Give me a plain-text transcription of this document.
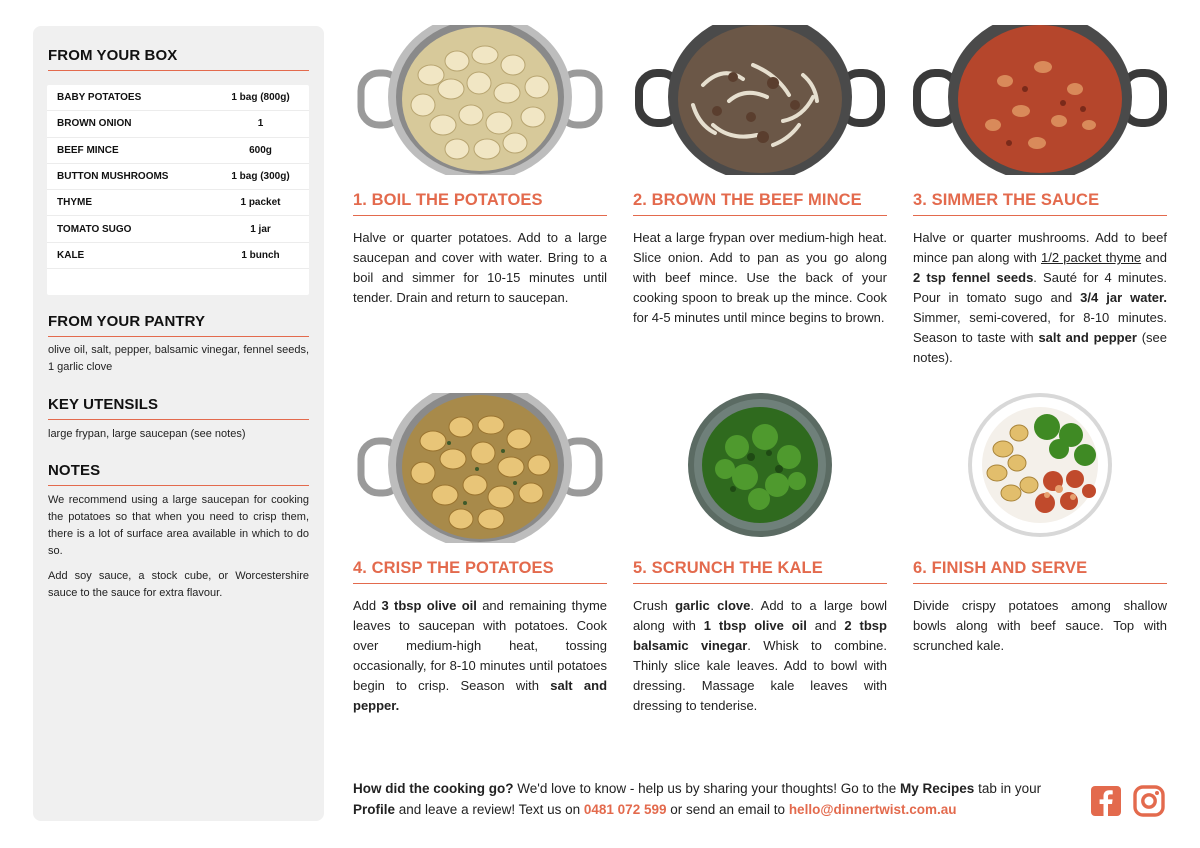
FROM YOUR BOX
BABY POTATOES	1 bag (800g)
BROWN ONION	1
BEEF MINCE	600g
BUTTON MUSHROOMS	1 bag (300g)
THYME	1 packet
TOMATO SUGO	1 jar
KALE	1 bunch
FROM YOUR PANTRY
olive oil, salt, pepper, balsamic vinegar, fennel seeds, 1 garlic clove
KEY UTENSILS
large frypan, large saucepan (see notes)
NOTES
We recommend using a large saucepan for cooking the potatoes so that when you need to crisp them, there is a lot of surface area available in which to do so.
Add soy sauce, a stock cube, or Worcestershire sauce to the sauce for extra flavour.
1. BOIL THE POTATOES
Halve or quarter potatoes. Add to a large saucepan and cover with water. Bring to a boil and simmer for 10-15 minutes until tender. Drain and return to saucepan.
2. BROWN THE BEEF MINCE
Heat a large frypan over medium-high heat. Slice onion. Add to pan as you go along with beef mince. Use the back of your cooking spoon to break up the mince. Cook for 4-5 minutes until mince begins to brown.
3. SIMMER THE SAUCE
Halve or quarter mushrooms. Add to beef mince pan along with 1/2 packet thyme and 2 tsp fennel seeds. Sauté for 4 minutes. Pour in tomato sugo and 3/4 jar water. Simmer, semi-covered, for 8-10 minutes. Season to taste with salt and pepper (see notes).
4. CRISP THE POTATOES
Add 3 tbsp olive oil and remaining thyme leaves to saucepan with potatoes. Cook over medium-high heat, tossing occasionally, for 8-10 minutes until potatoes begin to crisp. Season with salt and pepper.
5. SCRUNCH THE KALE
Crush garlic clove. Add to a large bowl along with 1 tbsp olive oil and 2 tbsp balsamic vinegar. Whisk to combine. Thinly slice kale leaves. Add to bowl with dressing. Massage kale leaves with dressing to tenderise.
6. FINISH AND SERVE
Divide crispy potatoes among shallow bowls along with beef sauce. Top with scrunched kale.
How did the cooking go? We'd love to know - help us by sharing your thoughts! Go to the My Recipes tab in your Profile and leave a review! Text us on 0481 072 599 or send an email to hello@dinnertwist.com.au
